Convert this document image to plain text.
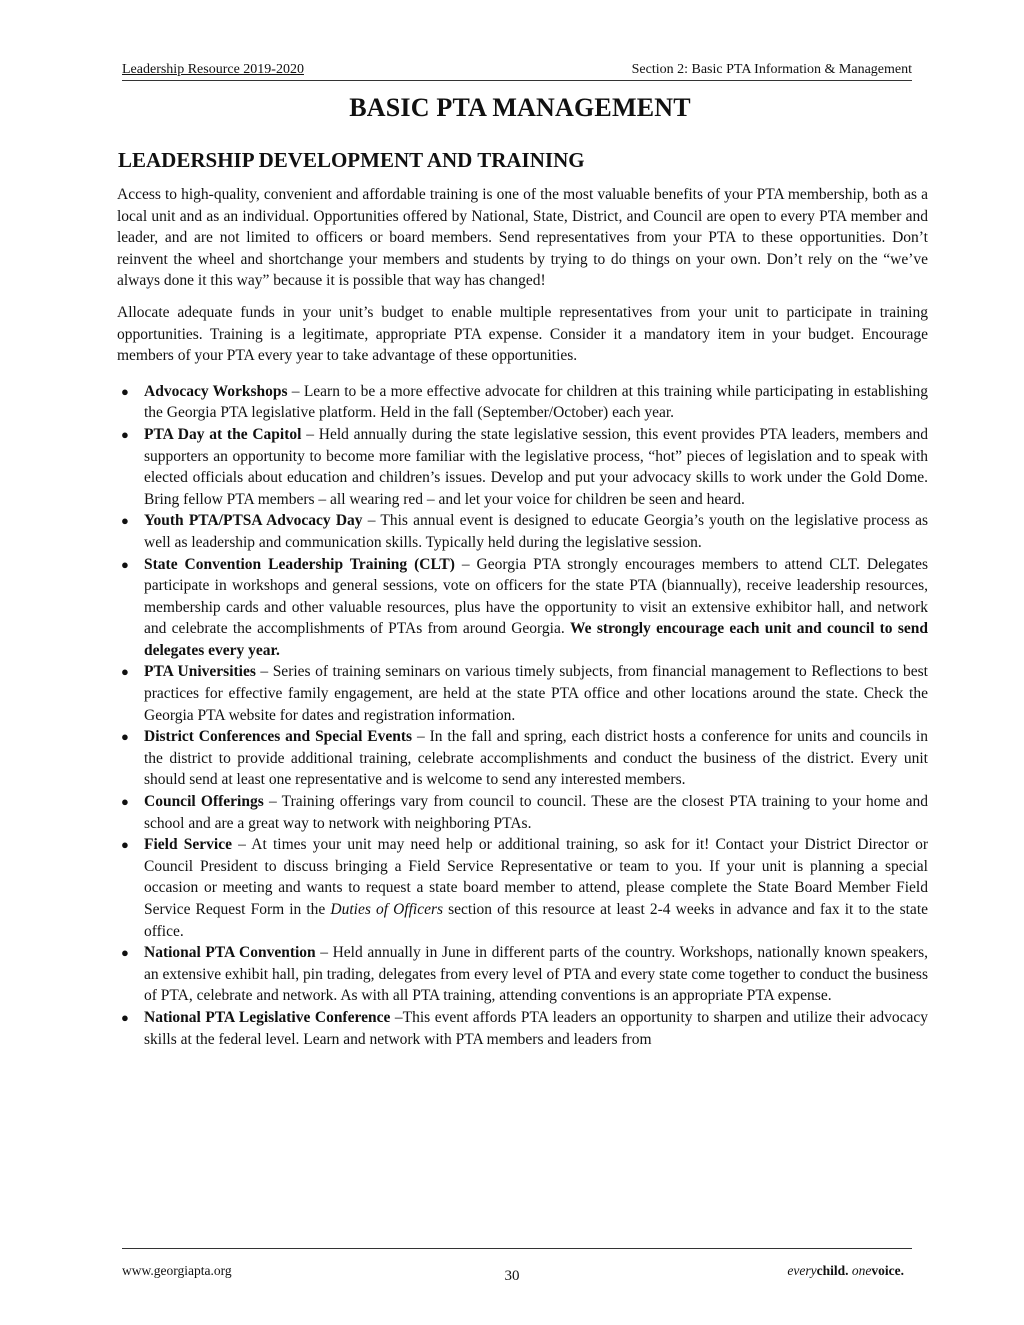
Leadership Resource 2019-2020	Section 2: Basic PTA Information & Management
BASIC PTA MANAGEMENT
LEADERSHIP DEVELOPMENT AND TRAINING

Access to high-quality, convenient and affordable training is one of the most valuable benefits of your PTA membership, both as a local unit and as an individual. Opportunities offered by National, State, District, and Council are open to every PTA member and leader, and are not limited to officers or board members. Send representatives from your PTA to these opportunities. Don’t reinvent the wheel and shortchange your members and students by trying to do things on your own. Don’t rely on the “we’ve always done it this way” because it is possible that way has changed!

Allocate adequate funds in your unit’s budget to enable multiple representatives from your unit to participate in training opportunities. Training is a legitimate, appropriate PTA expense. Consider it a mandatory item in your budget. Encourage members of your PTA every year to take advantage of these opportunities.

● Advocacy Workshops – Learn to be a more effective advocate for children at this training while participating in establishing the Georgia PTA legislative platform. Held in the fall (September/October) each year.
● PTA Day at the Capitol – Held annually during the state legislative session, this event provides PTA leaders, members and supporters an opportunity to become more familiar with the legislative process, “hot” pieces of legislation and to speak with elected officials about education and children’s issues. Develop and put your advocacy skills to work under the Gold Dome. Bring fellow PTA members – all wearing red – and let your voice for children be seen and heard.
● Youth PTA/PTSA Advocacy Day – This annual event is designed to educate Georgia’s youth on the legislative process as well as leadership and communication skills. Typically held during the legislative session.
● State Convention Leadership Training (CLT) – Georgia PTA strongly encourages members to attend CLT. Delegates participate in workshops and general sessions, vote on officers for the state PTA (biannually), receive leadership resources, membership cards and other valuable resources, plus have the opportunity to visit an extensive exhibitor hall, and network and celebrate the accomplishments of PTAs from around Georgia. We strongly encourage each unit and council to send delegates every year.
● PTA Universities – Series of training seminars on various timely subjects, from financial management to Reflections to best practices for effective family engagement, are held at the state PTA office and other locations around the state. Check the Georgia PTA website for dates and registration information.
● District Conferences and Special Events – In the fall and spring, each district hosts a conference for units and councils in the district to provide additional training, celebrate accomplishments and conduct the business of the district. Every unit should send at least one representative and is welcome to send any interested members.
● Council Offerings – Training offerings vary from council to council. These are the closest PTA training to your home and school and are a great way to network with neighboring PTAs.
● Field Service – At times your unit may need help or additional training, so ask for it! Contact your District Director or Council President to discuss bringing a Field Service Representative or team to you. If your unit is planning a special occasion or meeting and wants to request a state board member to attend, please complete the State Board Member Field Service Request Form in the Duties of Officers section of this resource at least 2-4 weeks in advance and fax it to the state office.
● National PTA Convention – Held annually in June in different parts of the country. Workshops, nationally known speakers, an extensive exhibit hall, pin trading, delegates from every level of PTA and every state come together to conduct the business of PTA, celebrate and network. As with all PTA training, attending conventions is an appropriate PTA expense.
● National PTA Legislative Conference –This event affords PTA leaders an opportunity to sharpen and utilize their advocacy skills at the federal level. Learn and network with PTA members and leaders from
www.georgiapta.org	30	everychild. onevoice.
